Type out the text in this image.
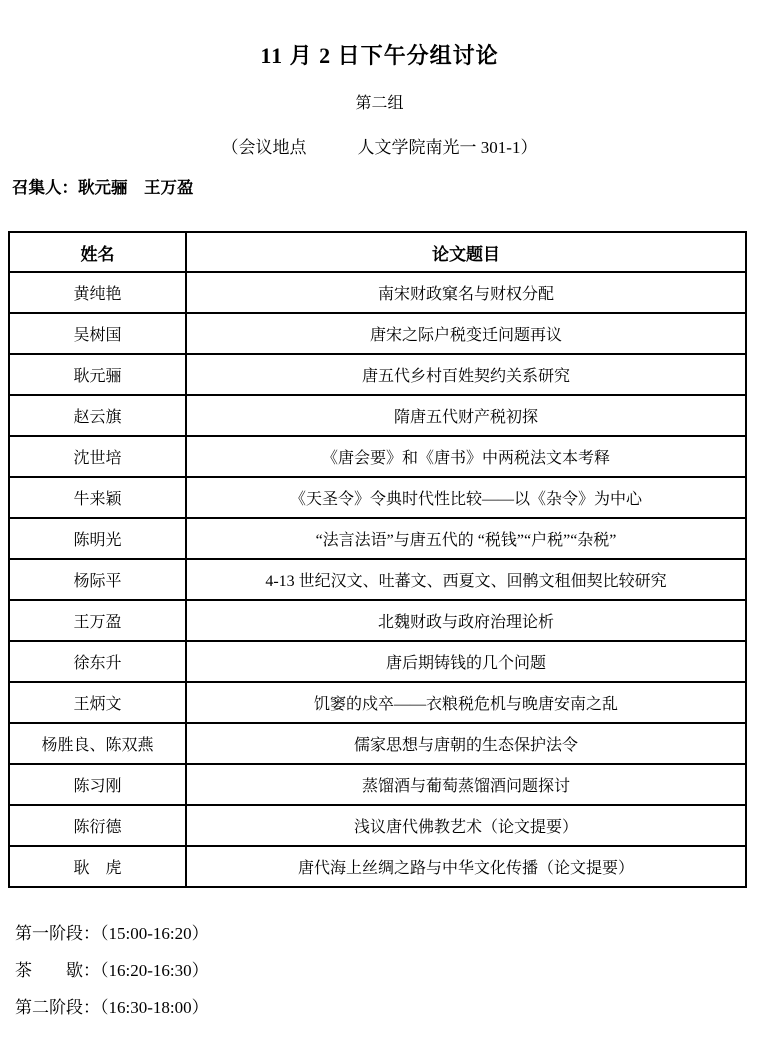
11 月 2 日下午分组讨论
第二组
（会议地点　　　人文学院南光一 301-1）
召集人：耿元骊　王万盈
姓名	论文题目
黄纯艳	南宋财政窠名与财权分配
吴树国	唐宋之际户税变迁问题再议
耿元骊	唐五代乡村百姓契约关系研究
赵云旗	隋唐五代财产税初探
沈世培	《唐会要》和《唐书》中两税法文本考释
牛来颖	《天圣令》令典时代性比较——以《杂令》为中心
陈明光	“法言法语”与唐五代的 “税钱”“户税”“杂税”
杨际平	4-13 世纪汉文、吐蕃文、西夏文、回鹘文租佃契比较研究
王万盈	北魏财政与政府治理论析
徐东升	唐后期铸钱的几个问题
王炳文	饥窭的戍卒——衣粮税危机与晚唐安南之乱
杨胜良、陈双燕	儒家思想与唐朝的生态保护法令
陈习刚	蒸馏酒与葡萄蒸馏酒问题探讨
陈衍德	浅议唐代佛教艺术（论文提要）
耿　虎	唐代海上丝绸之路与中华文化传播（论文提要）

第一阶段：（15:00-16:20）

茶　　歇：（16:20-16:30）

第二阶段：（16:30-18:00）
